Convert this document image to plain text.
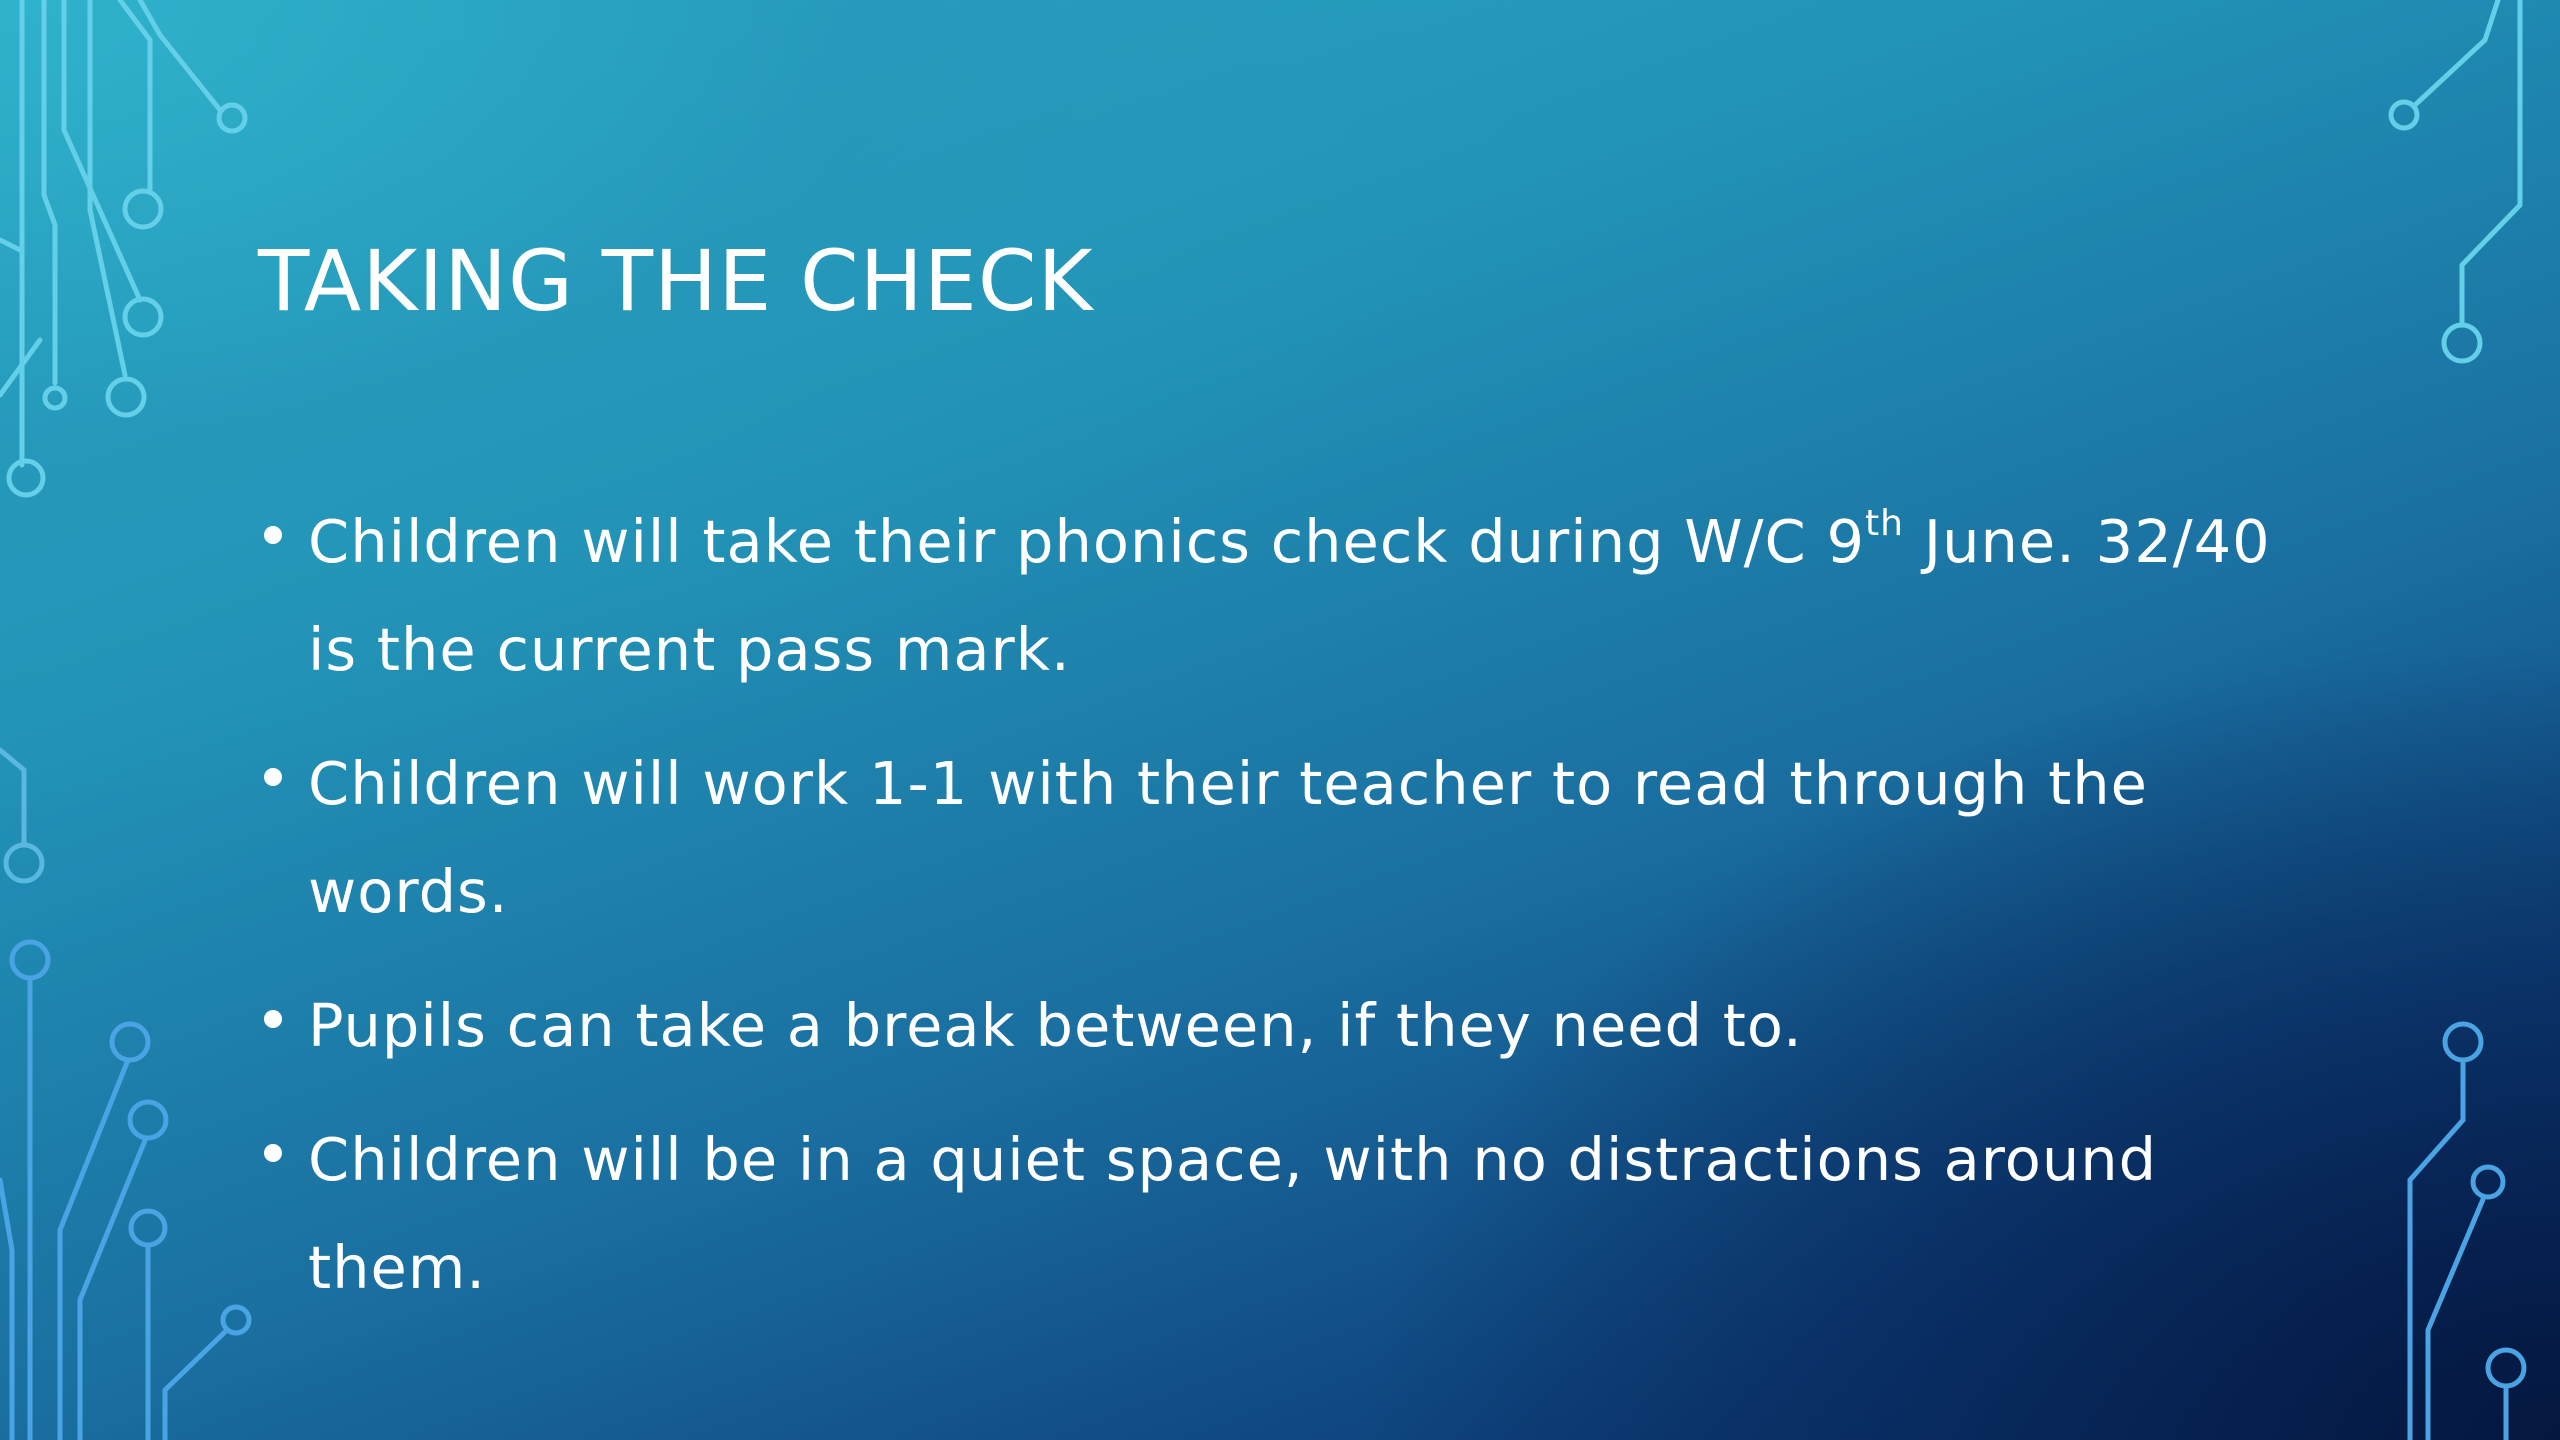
TAKING THE CHECK
Children will take their phonics check during W/C 9th June. 32/40 is the current pass mark.
Children will work 1-1 with their teacher to read through the words.
Pupils can take a break between, if they need to.
Children will be in a quiet space, with no distractions around them.
